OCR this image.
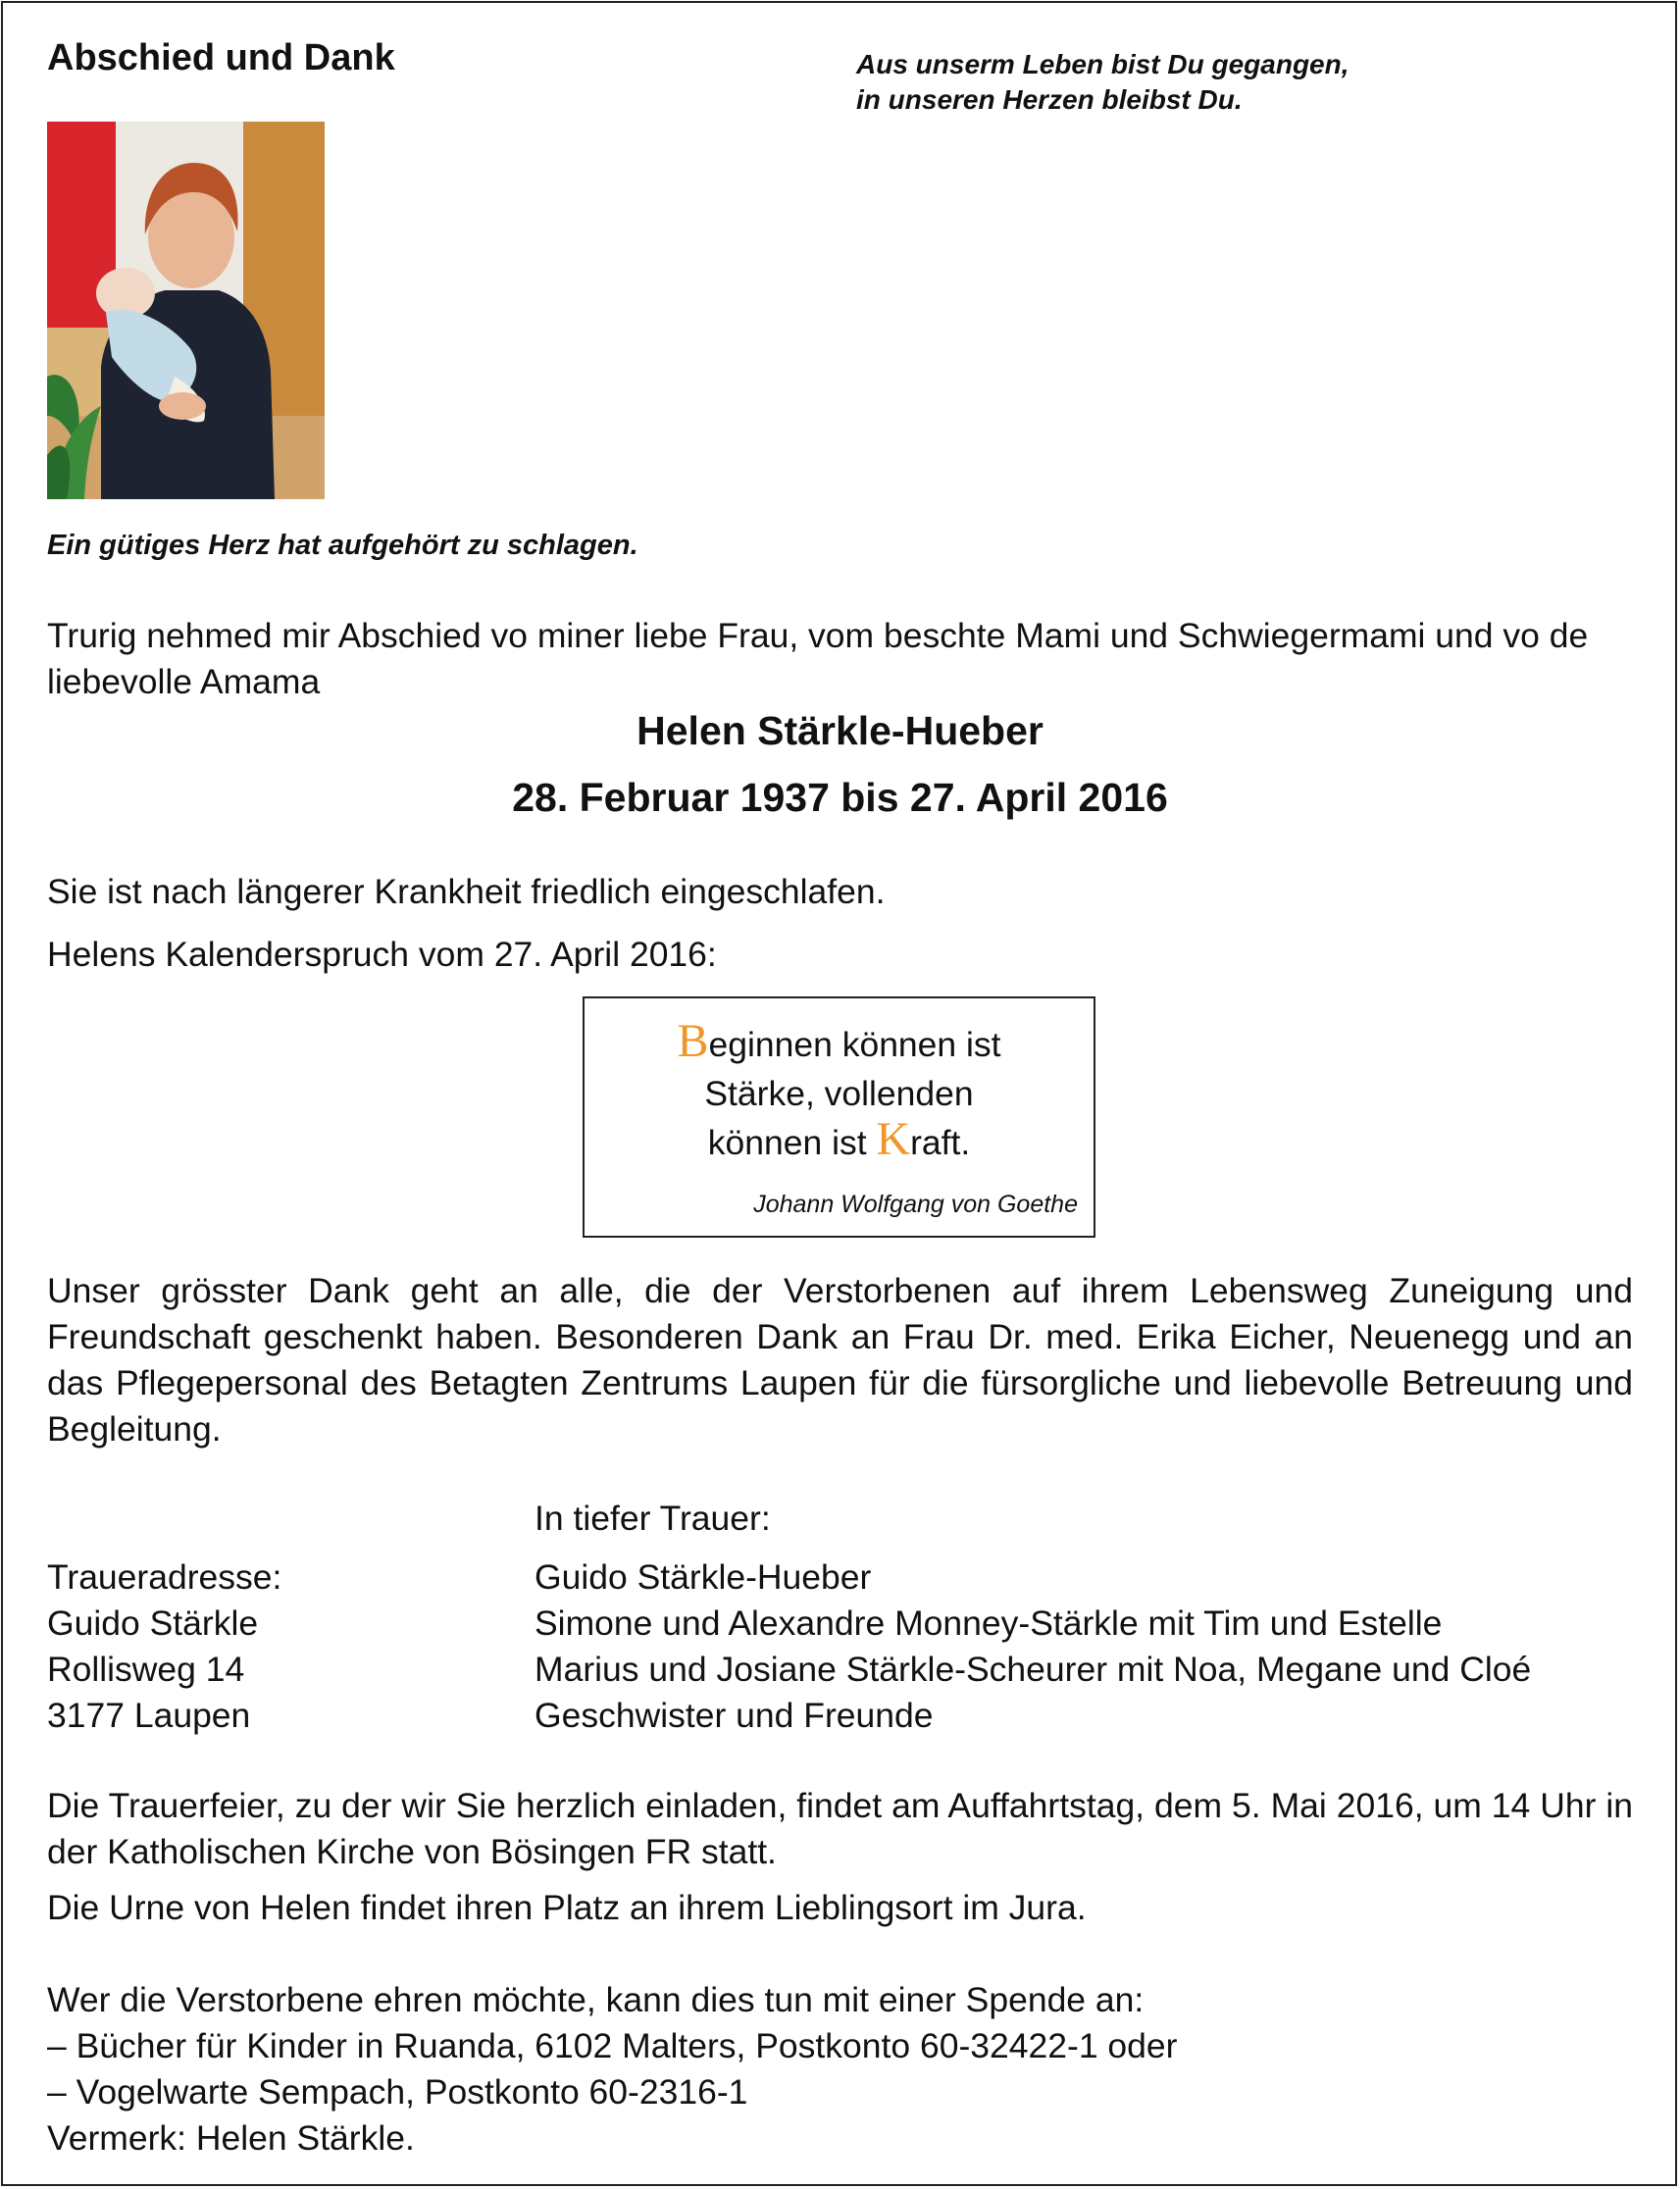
Abschied und Dank	Aus unserm Leben bist Du gegangen,
in unseren Herzen bleibst Du.

Ein gütiges Herz hat aufgehört zu schlagen.

Trurig nehmed mir Abschied vo miner liebe Frau, vom beschte Mami und Schwiegermami und vo de liebevolle Amama

Helen Stärkle-Hueber
28. Februar 1937 bis 27. April 2016

Sie ist nach längerer Krankheit friedlich eingeschlafen.

Helens Kalenderspruch vom 27. April 2016:

Beginnen können ist
Stärke, vollenden
können ist Kraft.
Johann Wolfgang von Goethe

Unser grösster Dank geht an alle, die der Verstorbenen auf ihrem Lebensweg Zuneigung und Freundschaft geschenkt haben. Besonderen Dank an Frau Dr. med. Erika Eicher, Neuenegg und an das Pflegepersonal des Betagten Zentrums Laupen für die fürsorgliche und liebevolle Betreuung und Begleitung.

In tiefer Trauer:

Traueradresse:
Guido Stärkle
Rollisweg 14
3177 Laupen
Guido Stärkle-Hueber
Simone und Alexandre Monney-Stärkle mit Tim und Estelle
Marius und Josiane Stärkle-Scheurer mit Noa, Megane und Cloé
Geschwister und Freunde

Die Trauerfeier, zu der wir Sie herzlich einladen, findet am Auffahrtstag, dem 5. Mai 2016, um 14 Uhr in der Katholischen Kirche von Bösingen FR statt.

Die Urne von Helen findet ihren Platz an ihrem Lieblingsort im Jura.

Wer die Verstorbene ehren möchte, kann dies tun mit einer Spende an:
– Bücher für Kinder in Ruanda, 6102 Malters, Postkonto 60-32422-1 oder
– Vogelwarte Sempach, Postkonto 60-2316-1
Vermerk: Helen Stärkle.
